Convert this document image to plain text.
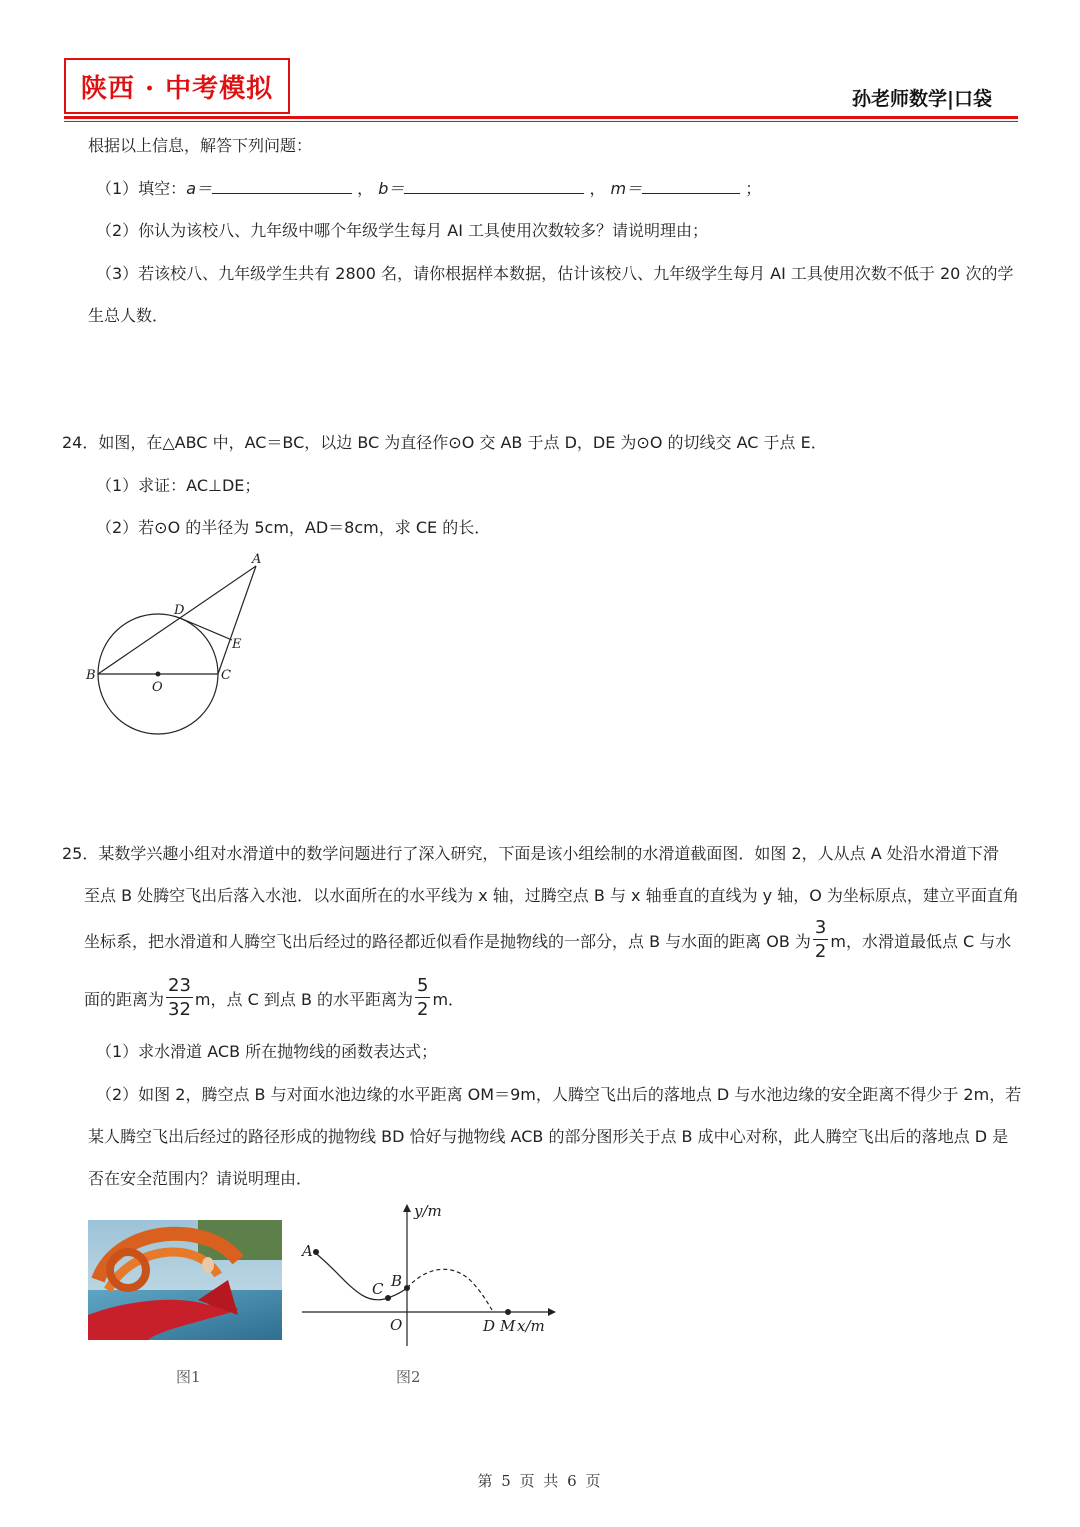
陕西 · 中考模拟	孙老师数学|口袋
根据以上信息，解答下列问题：
（1）填空：a＝	， b＝	， m＝	；
（2）你认为该校八、九年级中哪个年级学生每月 AI 工具使用次数较多？请说明理由；
（3）若该校八、九年级学生共有 2800 名，请你根据样本数据，估计该校八、九年级学生每月 AI 工具使用次数不低于 20 次的学
生总人数．
24．如图，在△ABC 中，AC＝BC，以边 BC 为直径作⊙O 交 AB 于点 D，DE 为⊙O 的切线交 AC 于点 E．
（1）求证：AC⊥DE；
（2）若⊙O 的半径为 5cm，AD＝8cm，求 CE 的长．
A
B	C
D
E
O
25．某数学兴趣小组对水滑道中的数学问题进行了深入研究，下面是该小组绘制的水滑道截面图．如图 2，人从点 A 处沿水滑道下滑
至点 B 处腾空飞出后落入水池．以水面所在的水平线为 x 轴，过腾空点 B 与 x 轴垂直的直线为 y 轴，O 为坐标原点，建立平面直角
坐标系，把水滑道和人腾空飞出后经过的路径都近似看作是抛物线的一部分，点 B 与水面的距离 OB 为 $\frac{3}{2}$ m，水滑道最低点 C 与水
面的距离为 $\frac{23}{32}$ m，点 C 到点 B 的水平距离为 $\frac{5}{2}$ m．
（1）求水滑道 ACB 所在抛物线的函数表达式；
（2）如图 2，腾空点 B 与对面水池边缘的水平距离 OM＝9m，人腾空飞出后的落地点 D 与水池边缘的安全距离不得少于 2m，若
某人腾空飞出后经过的路径形成的抛物线 BD 恰好与抛物线 ACB 的部分图形关于点 B 成中心对称，此人腾空飞出后的落地点 D 是
否在安全范围内？请说明理由．
图1
y/m
A
C B
O	D M x/m
图2
第 5 页 共 6 页
